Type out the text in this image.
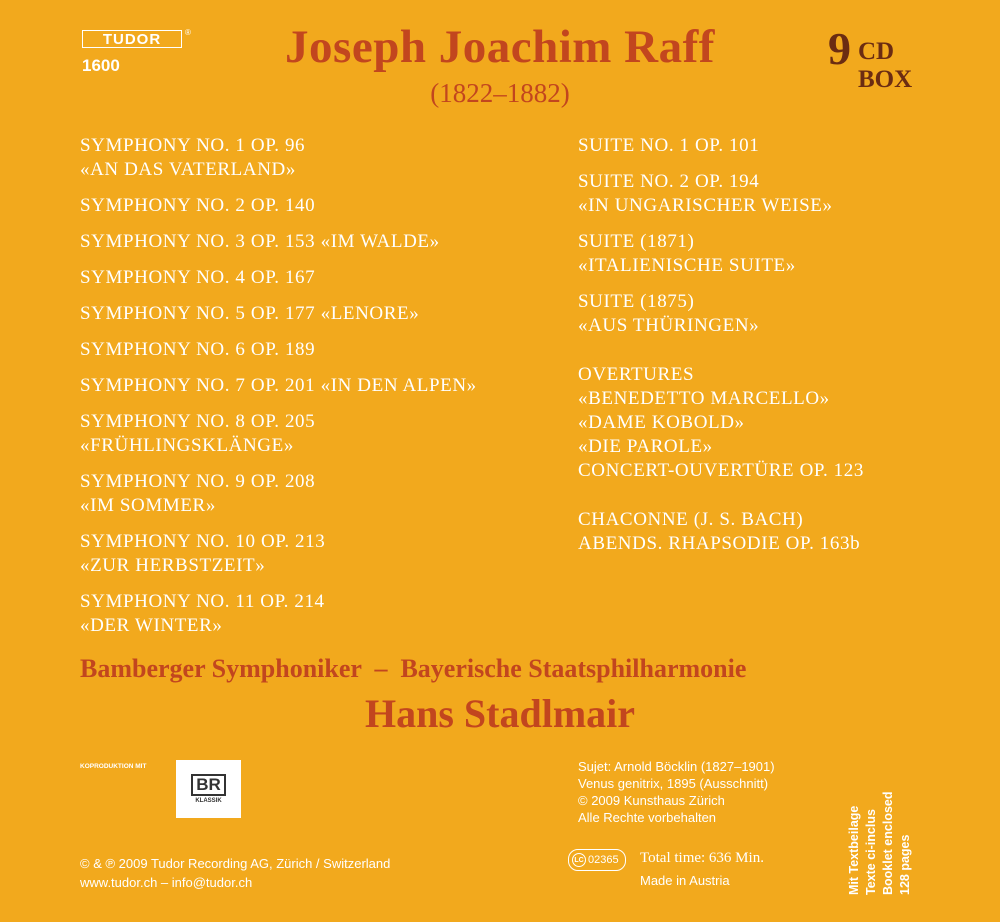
TUDOR	®
1600	Joseph Joachim Raff
(1822–1882)
9 CD
BOX
SYMPHONY NO. 1 OP. 96
«AN DAS VATERLAND»
SYMPHONY NO. 2 OP. 140
SYMPHONY NO. 3 OP. 153 «IM WALDE»
SYMPHONY NO. 4 OP. 167
SYMPHONY NO. 5 OP. 177 «LENORE»
SYMPHONY NO. 6 OP. 189
SYMPHONY NO. 7 OP. 201 «IN DEN ALPEN»
SYMPHONY NO. 8 OP. 205
«FRÜHLINGSKLÄNGE»
SYMPHONY NO. 9 OP. 208
«IM SOMMER»
SYMPHONY NO. 10 OP. 213
«ZUR HERBSTZEIT»
SYMPHONY NO. 11 OP. 214
«DER WINTER»
SUITE NO. 1 OP. 101
SUITE NO. 2 OP. 194
«IN UNGARISCHER WEISE»
SUITE (1871)
«ITALIENISCHE SUITE»
SUITE (1875)
«AUS THÜRINGEN»
OVERTURES
«BENEDETTO MARCELLO»
«DAME KOBOLD»
«DIE PAROLE»
CONCERT-OUVERTÜRE OP. 123
CHACONNE (J. S. BACH)
ABENDS. RHAPSODIE OP. 163b
Bamberger Symphoniker  –  Bayerische Staatsphilharmonie
Hans Stadlmair
KOPRODUKTION MIT
BR
KLASSIK
Sujet: Arnold Böcklin (1827–1901)
Venus genitrix, 1895 (Ausschnitt)
© 2009 Kunsthaus Zürich
Alle Rechte vorbehalten
© & ℗ 2009 Tudor Recording AG, Zürich / Switzerland
www.tudor.ch – info@tudor.ch
LC 02365 Total time: 636 Min.
Made in Austria	Mit Textbeilage Texte ci-inclus Booklet enclosed 128 pages
